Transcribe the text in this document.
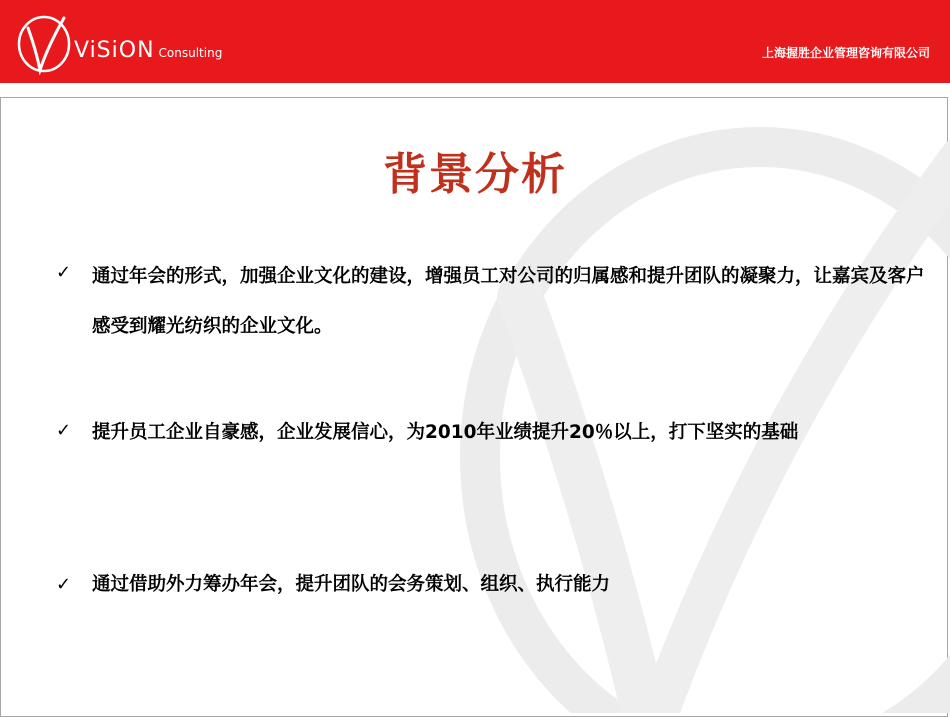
ViSiON Consulting	上海握胜企业管理咨询有限公司
背景分析
✓ 通过年会的形式，加强企业文化的建设，增强员工对公司的归属感和提升团队的凝聚力，让嘉宾及客户感受到耀光纺织的企业文化。
✓ 提升员工企业自豪感，企业发展信心，为2010年业绩提升20％以上，打下坚实的基础
✓ 通过借助外力筹办年会，提升团队的会务策划、组织、执行能力
